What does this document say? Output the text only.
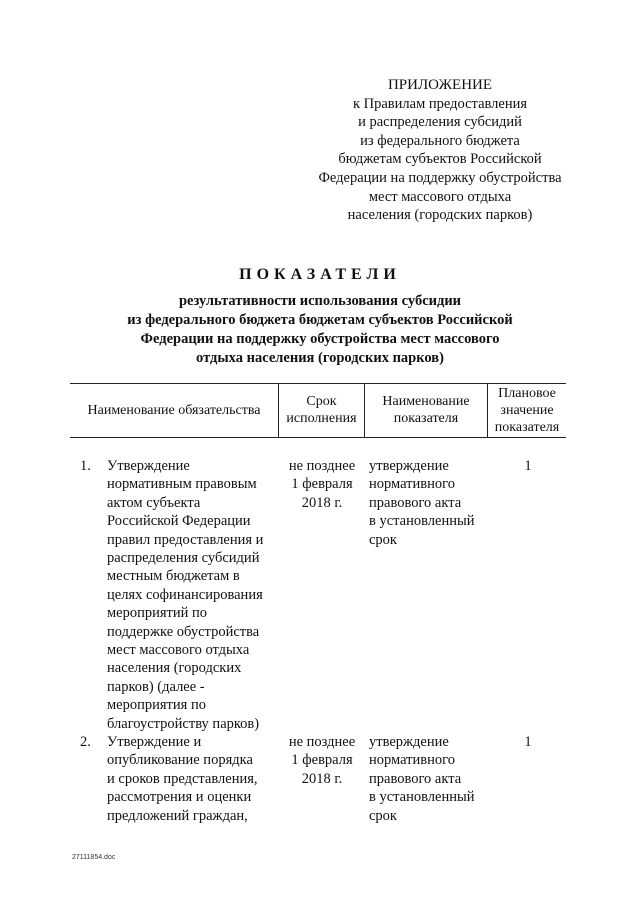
ПРИЛОЖЕНИЕ
к Правилам предоставления
и распределения субсидий
из федерального бюджета
бюджетам субъектов Российской
Федерации на поддержку обустройства
мест массового отдыха
населения (городских парков)
ПОКАЗАТЕЛИ
результативности использования субсидии
из федерального бюджета бюджетам субъектов Российской
Федерации на поддержку обустройства мест массового
отдыха населения (городских парков)
Наименование обязательства
Срок
исполнения
Наименование
показателя
Плановое
значение
показателя
1.	Утверждение
нормативным правовым
актом субъекта
Российской Федерации
правил предоставления и
распределения субсидий
местным бюджетам в
целях софинансирования
мероприятий по
поддержке обустройства
мест массового отдыха
населения (городских
парков) (далее -
мероприятия по
благоустройству парков)
не позднее
1 февраля
2018 г.
утверждение
нормативного
правового акта
в установленный
срок
1
2.	Утверждение и
опубликование порядка
и сроков представления,
рассмотрения и оценки
предложений граждан,
не позднее
1 февраля
2018 г.
утверждение
нормативного
правового акта
в установленный
срок
1
27111854.doc
